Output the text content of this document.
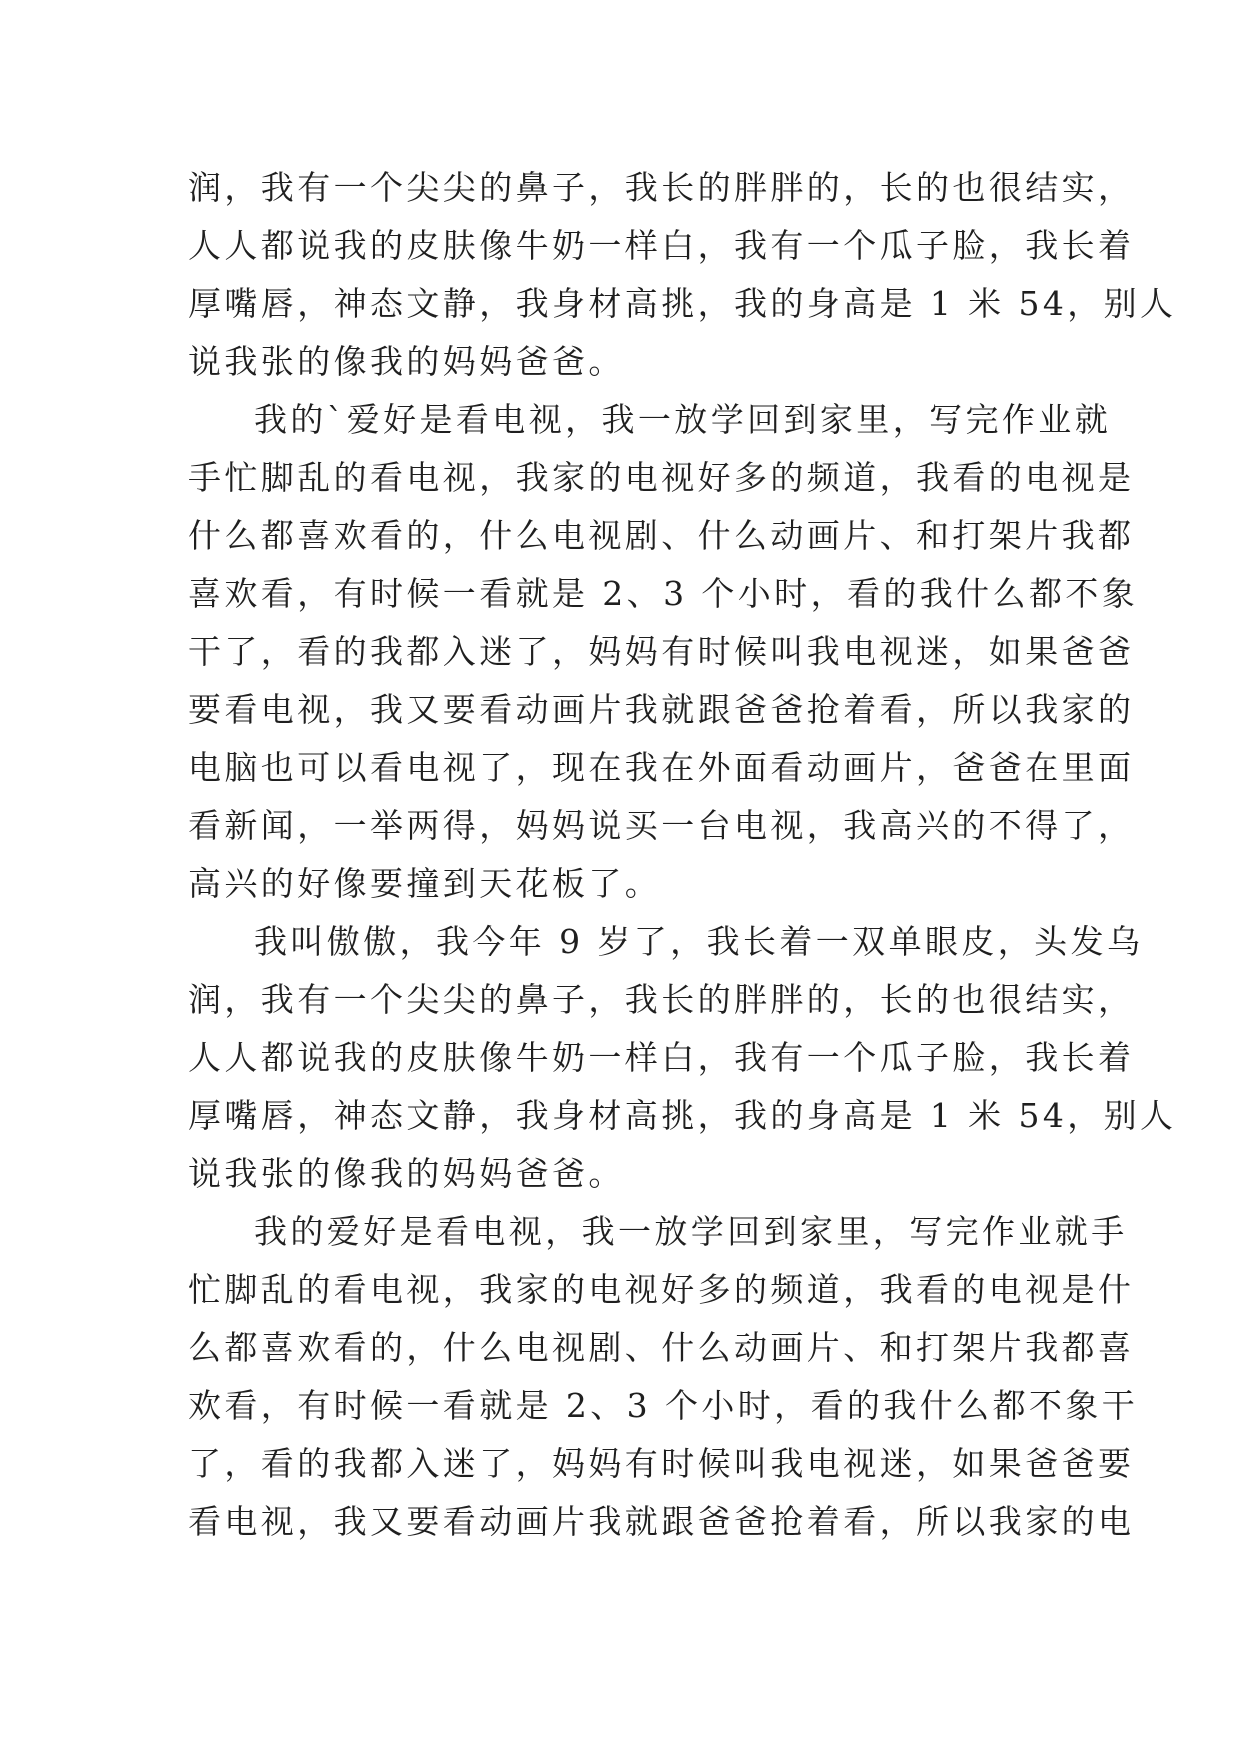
润，我有一个尖尖的鼻子，我长的胖胖的，长的也很结实，
人人都说我的皮肤像牛奶一样白，我有一个瓜子脸，我长着
厚嘴唇，神态文静，我身材高挑，我的身高是 1 米 54，别人
说我张的像我的妈妈爸爸。
我的`爱好是看电视，我一放学回到家里，写完作业就
手忙脚乱的看电视，我家的电视好多的频道，我看的电视是
什么都喜欢看的，什么电视剧、什么动画片、和打架片我都
喜欢看，有时候一看就是 2、3 个小时，看的我什么都不象
干了，看的我都入迷了，妈妈有时候叫我电视迷，如果爸爸
要看电视，我又要看动画片我就跟爸爸抢着看，所以我家的
电脑也可以看电视了，现在我在外面看动画片，爸爸在里面
看新闻，一举两得，妈妈说买一台电视，我高兴的不得了，
高兴的好像要撞到天花板了。
我叫傲傲，我今年 9 岁了，我长着一双单眼皮，头发乌
润，我有一个尖尖的鼻子，我长的胖胖的，长的也很结实，
人人都说我的皮肤像牛奶一样白，我有一个瓜子脸，我长着
厚嘴唇，神态文静，我身材高挑，我的身高是 1 米 54，别人
说我张的像我的妈妈爸爸。
我的爱好是看电视，我一放学回到家里，写完作业就手
忙脚乱的看电视，我家的电视好多的频道，我看的电视是什
么都喜欢看的，什么电视剧、什么动画片、和打架片我都喜
欢看，有时候一看就是 2、3 个小时，看的我什么都不象干
了，看的我都入迷了，妈妈有时候叫我电视迷，如果爸爸要
看电视，我又要看动画片我就跟爸爸抢着看，所以我家的电
